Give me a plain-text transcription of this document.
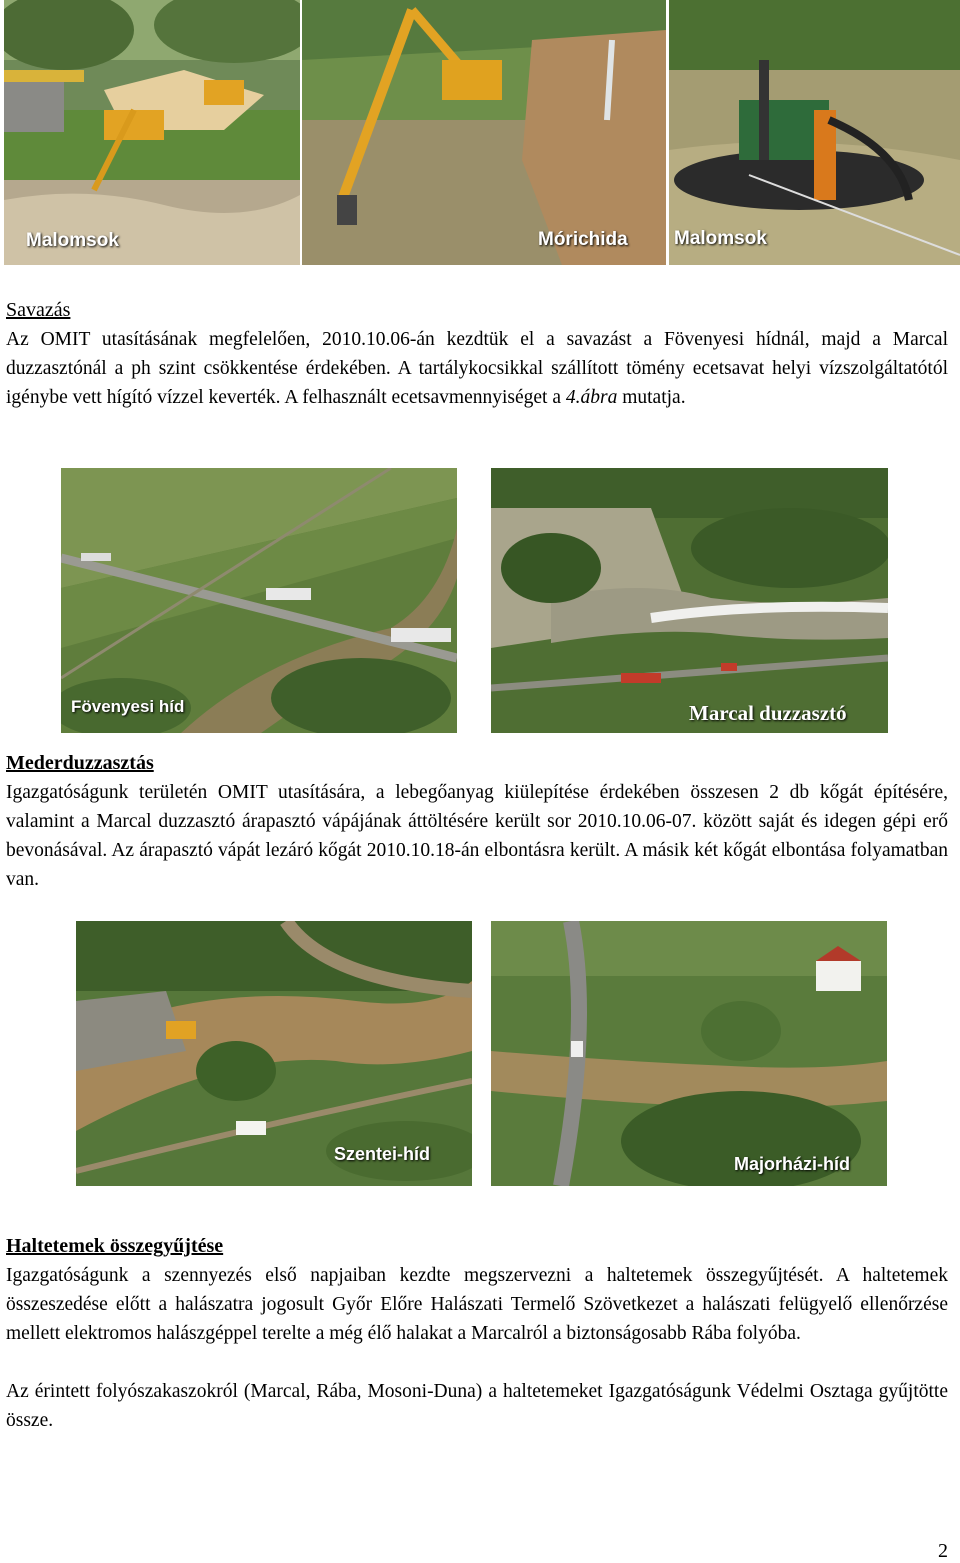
Malomsok	Mórichida Malomsok
Savazás

Az OMIT utasításának megfelelően, 2010.10.06-án kezdtük el a savazást a Fövenyesi hídnál, majd a Marcal duzzasztónál a ph szint csökkentése érdekében. A tartálykocsikkal szállított tömény ecetsavat helyi vízszolgáltatótól igénybe vett hígító vízzel keverték. A felhasznált ecetsavmennyiséget a 4.ábra mutatja.

Fövenyesi híd	Marcal duzzasztó
Mederduzzasztás

Igazgatóságunk területén OMIT utasítására, a lebegőanyag kiülepítése érdekében összesen 2 db kőgát építésére, valamint a Marcal duzzasztó árapasztó vápájának áttöltésére került sor 2010.10.06-07. között saját és idegen gépi erő bevonásával. Az árapasztó vápát lezáró kőgát 2010.10.18-án elbontásra került. A másik két kőgát elbontása folyamatban van.

Szentei-híd	Majorházi-híd
Haltetemek összegyűjtése

Igazgatóságunk a szennyezés első napjaiban kezdte megszervezni a haltetemek összegyűjtését. A haltetemek összeszedése előtt a halászatra jogosult Győr Előre Halászati Termelő Szövetkezet a halászati felügyelő ellenőrzése mellett elektromos halászgéppel terelte a még élő halakat a Marcalról a biztonságosabb Rába folyóba.

Az érintett folyószakaszokról (Marcal, Rába, Mosoni-Duna) a haltetemeket Igazgatóságunk Védelmi Osztaga gyűjtötte össze.

2
